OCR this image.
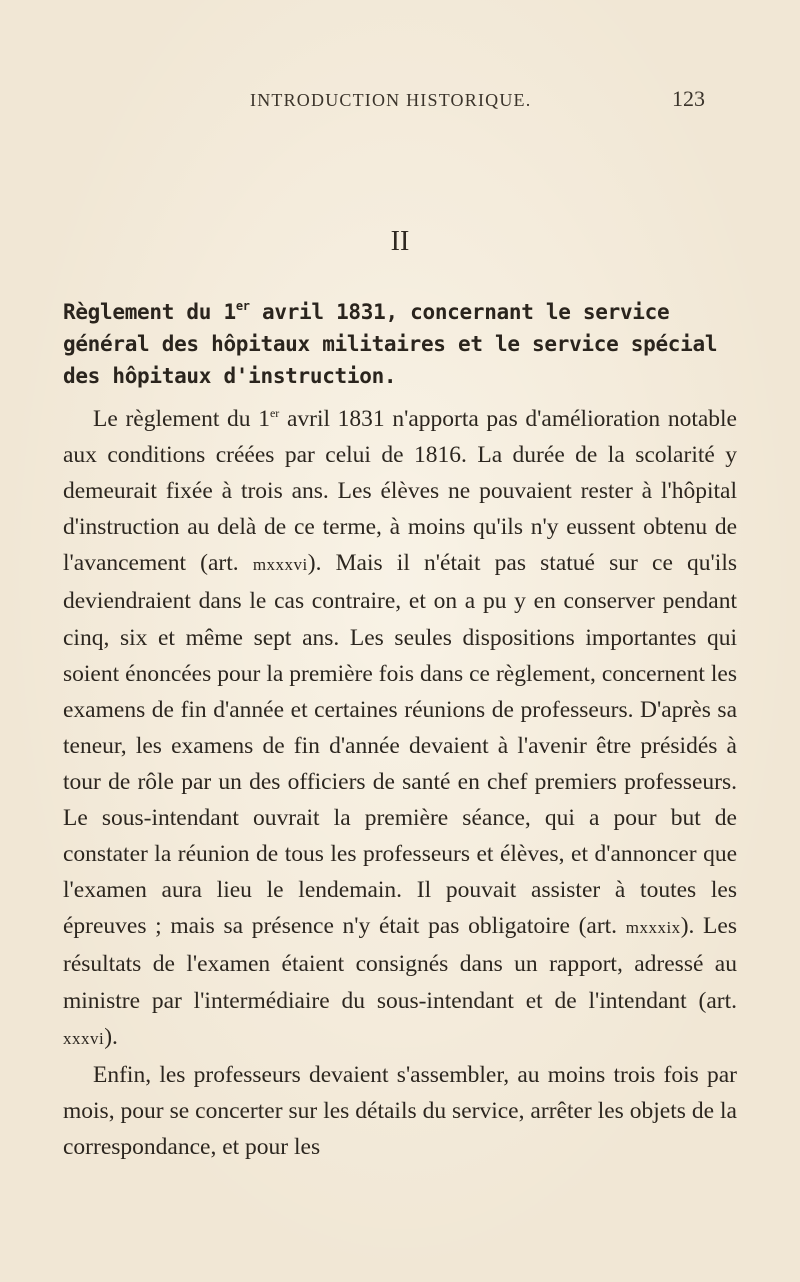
INTRODUCTION HISTORIQUE.	123
II
Règlement du 1er avril 1831, concernant le service général des hôpitaux militaires et le service spécial des hôpitaux d'instruction.

Le règlement du 1er avril 1831 n'apporta pas d'amélioration notable aux conditions créées par celui de 1816. La durée de la scolarité y demeurait fixée à trois ans. Les élèves ne pouvaient rester à l'hôpital d'instruction au delà de ce terme, à moins qu'ils n'y eussent obtenu de l'avancement (art. mxxxvi). Mais il n'était pas statué sur ce qu'ils deviendraient dans le cas contraire, et on a pu y en conserver pendant cinq, six et même sept ans. Les seules dispositions importantes qui soient énoncées pour la première fois dans ce règlement, concernent les examens de fin d'année et certaines réunions de professeurs. D'après sa teneur, les examens de fin d'année devaient à l'avenir être présidés à tour de rôle par un des officiers de santé en chef premiers professeurs. Le sous-intendant ouvrait la première séance, qui a pour but de constater la réunion de tous les professeurs et élèves, et d'annoncer que l'examen aura lieu le lendemain. Il pouvait assister à toutes les épreuves ; mais sa présence n'y était pas obligatoire (art. mxxxix). Les résultats de l'examen étaient consignés dans un rapport, adressé au ministre par l'intermédiaire du sous-intendant et de l'intendant (art. xxxvi).

Enfin, les professeurs devaient s'assembler, au moins trois fois par mois, pour se concerter sur les détails du service, arrêter les objets de la correspondance, et pour les
